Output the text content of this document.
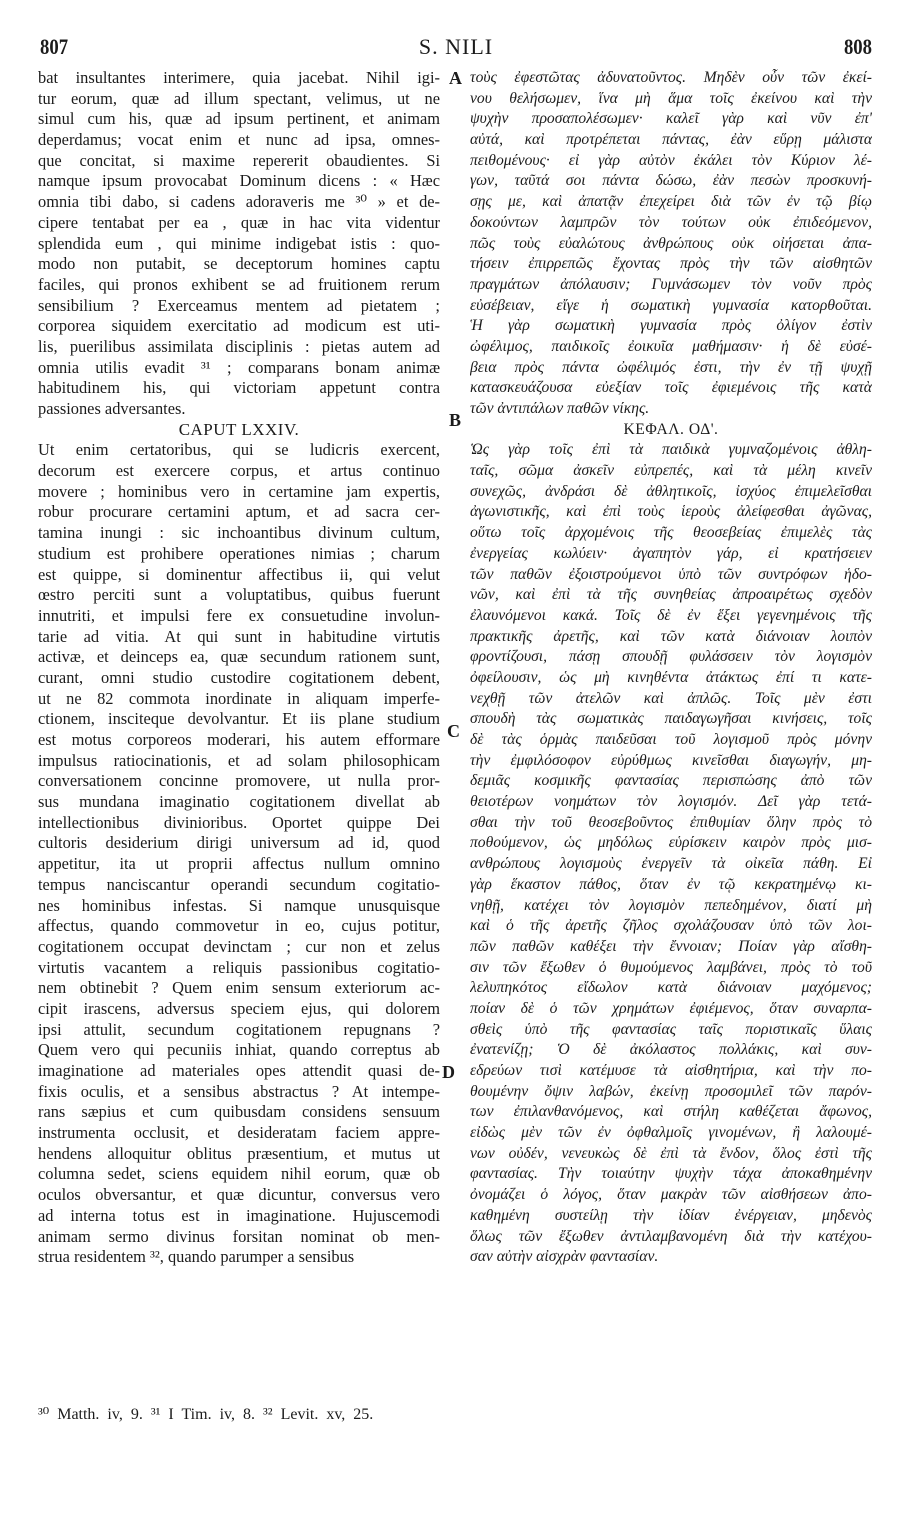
807	S. NILI	808
bat insultantes interimere, quia jacebat. Nihil igi-
tur eorum, quæ ad illum spectant, velimus, ut ne
simul cum his, quæ ad ipsum pertinent, et animam
deperdamus; vocat enim et nunc ad ipsa, omnes-
que concitat, si maxime repererit obaudientes. Si
namque ipsum provocabat Dominum dicens : « Hæc
omnia tibi dabo, si cadens adoraveris me ³⁰ » et de-
cipere tentabat per ea , quæ in hac vita videntur
splendida eum , qui minime indigebat istis : quo-
modo non putabit, se deceptorum homines captu
faciles, qui pronos exhibent se ad fruitionem rerum
sensibilium ? Exerceamus mentem ad pietatem ;
corporea siquidem exercitatio ad modicum est uti-
lis, puerilibus assimilata disciplinis : pietas autem ad
omnia utilis evadit ³¹ ; comparans bonam animæ
habitudinem his, qui victoriam appetunt contra
passiones adversantes.
CAPUT LXXIV.
Ut enim certatoribus, qui se ludicris exercent,
decorum est exercere corpus, et artus continuo
movere ; hominibus vero in certamine jam expertis,
robur procurare certamini aptum, et ad sacra cer-
tamina inungi : sic inchoantibus divinum cultum,
studium est prohibere operationes nimias ; charum
est quippe, si dominentur affectibus ii, qui velut
œstro perciti sunt a voluptatibus, quibus fuerunt
innutriti, et impulsi fere ex consuetudine involun-
tarie ad vitia. At qui sunt in habitudine virtutis
activæ, et deinceps ea, quæ secundum rationem sunt,
curant, omni studio custodire cogitationem debent,
ut ne 82 commota inordinate in aliquam imperfe-
ctionem, insciteque devolvantur. Et iis plane studium
est motus corporeos moderari, his autem efformare
impulsus ratiocinationis, et ad solam philosophicam
conversationem concinne promovere, ut nulla pror-
sus mundana imaginatio cogitationem divellat ab
intellectionibus divinioribus. Oportet quippe Dei
cultoris desiderium dirigi universum ad id, quod
appetitur, ita ut proprii affectus nullum omnino
tempus nanciscantur operandi secundum cogitatio-
nes hominibus infestas. Si namque unusquisque
affectus, quando commovetur in eo, cujus potitur,
cogitationem occupat devinctam ; cur non et zelus
virtutis vacantem a reliquis passionibus cogitatio-
nem obtinebit ? Quem enim sensum exteriorum ac-
cipit irascens, adversus speciem ejus, qui dolorem
ipsi attulit, secundum cogitationem repugnans ?
Quem vero qui pecuniis inhiat, quando correptus ab
imaginatione ad materiales opes attendit quasi de-
fixis oculis, et a sensibus abstractus ? At intempe-
rans sæpius et cum quibusdam considens sensuum
instrumenta occlusit, et desideratam faciem appre-
hendens alloquitur oblitus præsentium, et mutus ut
columna sedet, sciens equidem nihil eorum, quæ ob
oculos obversantur, et quæ dicuntur, conversus vero
ad interna totus est in imaginatione. Hujuscemodi
animam sermo divinus forsitan nominat ob men-
strua residentem ³², quando parumper a sensibus
τοὺς ἐφεστῶτας ἀδυνατοῦντος. Μηδὲν οὖν τῶν ἐκεί-
νου θελήσωμεν, ἵνα μὴ ἅμα τοῖς ἐκείνου καὶ τὴν
ψυχὴν προσαπολέσωμεν· καλεῖ γὰρ καὶ νῦν ἐπ'
αὐτά, καὶ προτρέπεται πάντας, ἐὰν εὕρῃ μάλιστα
πειθομένους· εἰ γὰρ αὐτὸν ἐκάλει τὸν Κύριον λέ-
γων, ταῦτά σοι πάντα δώσω, ἐὰν πεσὼν προσκυνή-
σῃς με, καὶ ἀπατᾷν ἐπεχείρει διὰ τῶν ἐν τῷ βίῳ
δοκούντων λαμπρῶν τὸν τούτων οὐκ ἐπιδεόμενον,
πῶς τοὺς εὐαλώτους ἀνθρώπους οὐκ οἰήσεται ἀπα-
τήσειν ἐπιρρεπῶς ἔχοντας πρὸς τὴν τῶν αἰσθητῶν
πραγμάτων ἀπόλαυσιν; Γυμνάσωμεν τὸν νοῦν πρὸς
εὐσέβειαν, εἴγε ἡ σωματικὴ γυμνασία κατορθοῦται.
Ἡ γὰρ σωματικὴ γυμνασία πρὸς ὀλίγον ἐστὶν
ὠφέλιμος, παιδικοῖς ἐοικυῖα μαθήμασιν· ἡ δὲ εὐσέ-
βεια πρὸς πάντα ὠφέλιμός ἐστι, τὴν ἐν τῇ ψυχῇ
κατασκευάζουσα εὐεξίαν τοῖς ἐφιεμένοις τῆς κατὰ
τῶν ἀντιπάλων παθῶν νίκης.
ΚΕΦΑΛ. ΟΔ'.
Ὡς γὰρ τοῖς ἐπὶ τὰ παιδικὰ γυμναζομένοις ἀθλη-
ταῖς, σῶμα ἀσκεῖν εὐπρεπές, καὶ τὰ μέλη κινεῖν
συνεχῶς, ἀνδράσι δὲ ἀθλητικοῖς, ἰσχύος ἐπιμελεῖσθαι
ἀγωνιστικῆς, καὶ ἐπὶ τοὺς ἱεροὺς ἀλείφεσθαι ἀγῶνας,
οὕτω τοῖς ἀρχομένοις τῆς θεοσεβείας ἐπιμελὲς τὰς
ἐνεργείας κωλύειν· ἀγαπητὸν γάρ, εἰ κρατήσειεν
τῶν παθῶν ἐξοιστρούμενοι ὑπὸ τῶν συντρόφων ἡδο-
νῶν, καὶ ἐπὶ τὰ τῆς συνηθείας ἀπροαιρέτως σχεδὸν
ἐλαυνόμενοι κακά. Τοῖς δὲ ἐν ἕξει γεγενημένοις τῆς
πρακτικῆς ἀρετῆς, καὶ τῶν κατὰ διάνοιαν λοιπὸν
φροντίζουσι, πάσῃ σπουδῇ φυλάσσειν τὸν λογισμὸν
ὀφείλουσιν, ὡς μὴ κινηθέντα ἀτάκτως ἐπί τι κατε-
νεχθῇ τῶν ἀτελῶν καὶ ἀπλῶς. Τοῖς μὲν ἐστι
σπουδὴ τὰς σωματικὰς παιδαγωγῆσαι κινήσεις, τοῖς
δὲ τὰς ὁρμὰς παιδεῦσαι τοῦ λογισμοῦ πρὸς μόνην
τὴν ἐμφιλόσοφον εὐρύθμως κινεῖσθαι διαγωγήν, μη-
δεμιᾶς κοσμικῆς φαντασίας περισπώσης ἀπὸ τῶν
θειοτέρων νοημάτων τὸν λογισμόν. Δεῖ γὰρ τετά-
σθαι τὴν τοῦ θεοσεβοῦντος ἐπιθυμίαν ὅλην πρὸς τὸ
ποθούμενον, ὡς μηδόλως εὑρίσκειν καιρὸν πρὸς μισ-
ανθρώπους λογισμοὺς ἐνεργεῖν τὰ οἰκεῖα πάθη. Εἰ
γὰρ ἕκαστον πάθος, ὅταν ἐν τῷ κεκρατημένῳ κι-
νηθῇ, κατέχει τὸν λογισμὸν πεπεδημένον, διατί μὴ
καὶ ὁ τῆς ἀρετῆς ζῆλος σχολάζουσαν ὑπὸ τῶν λοι-
πῶν παθῶν καθέξει τὴν ἔννοιαν; Ποίαν γὰρ αἴσθη-
σιν τῶν ἔξωθεν ὁ θυμούμενος λαμβάνει, πρὸς τὸ τοῦ
λελυπηκότος εἴδωλον κατὰ διάνοιαν μαχόμενος;
ποίαν δὲ ὁ τῶν χρημάτων ἐφιέμενος, ὅταν συναρπα-
σθεὶς ὑπὸ τῆς φαντασίας ταῖς ποριστικαῖς ὕλαις
ἐνατενίζῃ; Ὁ δὲ ἀκόλαστος πολλάκις, καὶ συν-
εδρεύων τισὶ κατέμυσε τὰ αἰσθητήρια, καὶ τὴν πο-
θουμένην ὄψιν λαβών, ἐκείνῃ προσομιλεῖ τῶν παρόν-
των ἐπιλανθανόμενος, καὶ στήλη καθέζεται ἄφωνος,
εἰδὼς μὲν τῶν ἐν ὀφθαλμοῖς γινομένων, ἢ λαλουμέ-
νων οὐδέν, νενευκὼς δὲ ἐπὶ τὰ ἔνδον, ὅλος ἐστὶ τῆς
φαντασίας. Τὴν τοιαύτην ψυχὴν τάχα ἀποκαθημένην
ὀνομάζει ὁ λόγος, ὅταν μακρὰν τῶν αἰσθήσεων ἀπο-
καθημένη συστείλῃ τὴν ἰδίαν ἐνέργειαν, μηδενὸς
ὅλως τῶν ἔξωθεν ἀντιλαμβανομένη διὰ τὴν κατέχου-
σαν αὐτὴν αἰσχρὰν φαντασίαν.
A
B
C
D
³⁰ Matth. iv, 9. ³¹ I Tim. iv, 8. ³² Levit. xv, 25.
